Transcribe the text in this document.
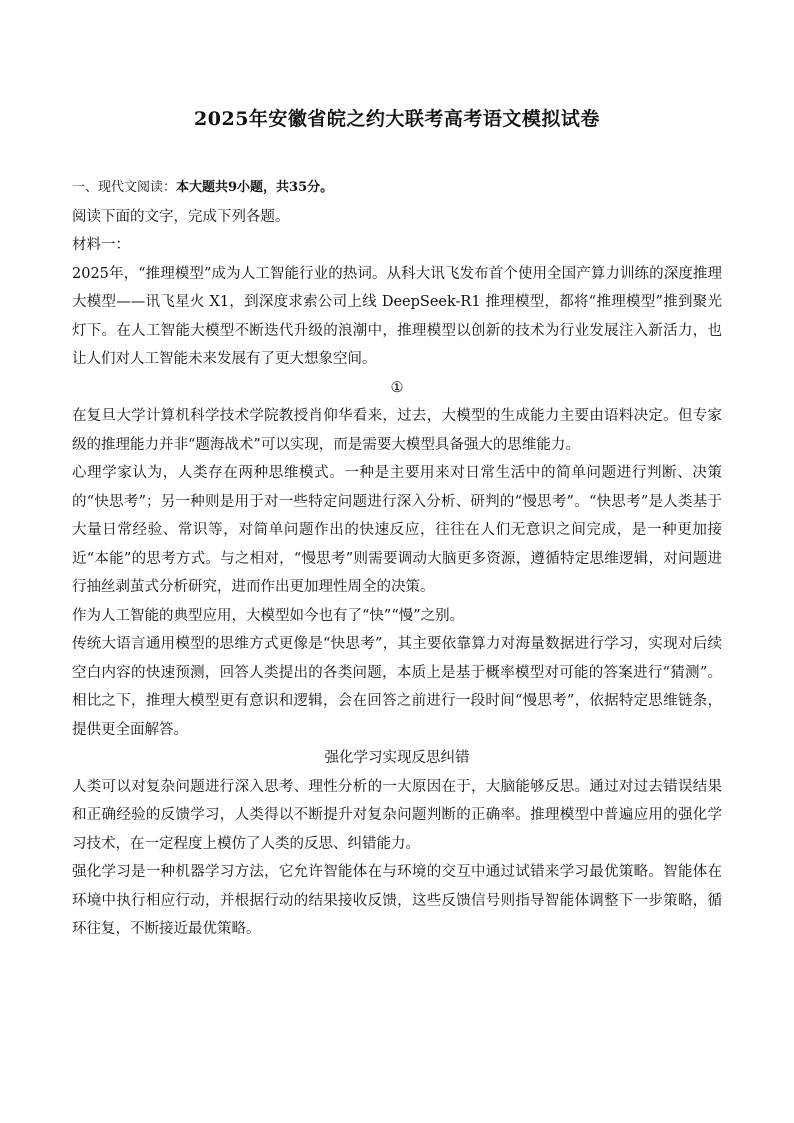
2025年安徽省皖之约大联考高考语文模拟试卷

一、现代文阅读：本大题共9小题，共35分。

阅读下面的文字，完成下列各题。

材料一：

2025年，“推理模型”成为人工智能行业的热词。从科大讯飞发布首个使用全国产算力训练的深度推理大模型——讯飞星火 X1，到深度求索公司上线 DeepSeek-R1 推理模型，都将“推理模型”推到聚光灯下。在人工智能大模型不断迭代升级的浪潮中，推理模型以创新的技术为行业发展注入新活力，也让人们对人工智能未来发展有了更大想象空间。

①

在复旦大学计算机科学技术学院教授肖仰华看来，过去，大模型的生成能力主要由语料决定。但专家级的推理能力并非“题海战术”可以实现，而是需要大模型具备强大的思维能力。

心理学家认为，人类存在两种思维模式。一种是主要用来对日常生活中的简单问题进行判断、决策的“快思考”；另一种则是用于对一些特定问题进行深入分析、研判的“慢思考”。“快思考”是人类基于大量日常经验、常识等，对简单问题作出的快速反应，往往在人们无意识之间完成，是一种更加接近“本能”的思考方式。与之相对，“慢思考”则需要调动大脑更多资源，遵循特定思维逻辑，对问题进行抽丝剥茧式分析研究，进而作出更加理性周全的决策。

作为人工智能的典型应用，大模型如今也有了“快”“慢”之别。

传统大语言通用模型的思维方式更像是“快思考”，其主要依靠算力对海量数据进行学习，实现对后续空白内容的快速预测，回答人类提出的各类问题，本质上是基于概率模型对可能的答案进行“猜测”。相比之下，推理大模型更有意识和逻辑，会在回答之前进行一段时间“慢思考”，依据特定思维链条，提供更全面解答。

强化学习实现反思纠错

人类可以对复杂问题进行深入思考、理性分析的一大原因在于，大脑能够反思。通过对过去错误结果和正确经验的反馈学习，人类得以不断提升对复杂问题判断的正确率。推理模型中普遍应用的强化学习技术，在一定程度上模仿了人类的反思、纠错能力。

强化学习是一种机器学习方法，它允许智能体在与环境的交互中通过试错来学习最优策略。智能体在环境中执行相应行动，并根据行动的结果接收反馈，这些反馈信号则指导智能体调整下一步策略，循环往复，不断接近最优策略。
